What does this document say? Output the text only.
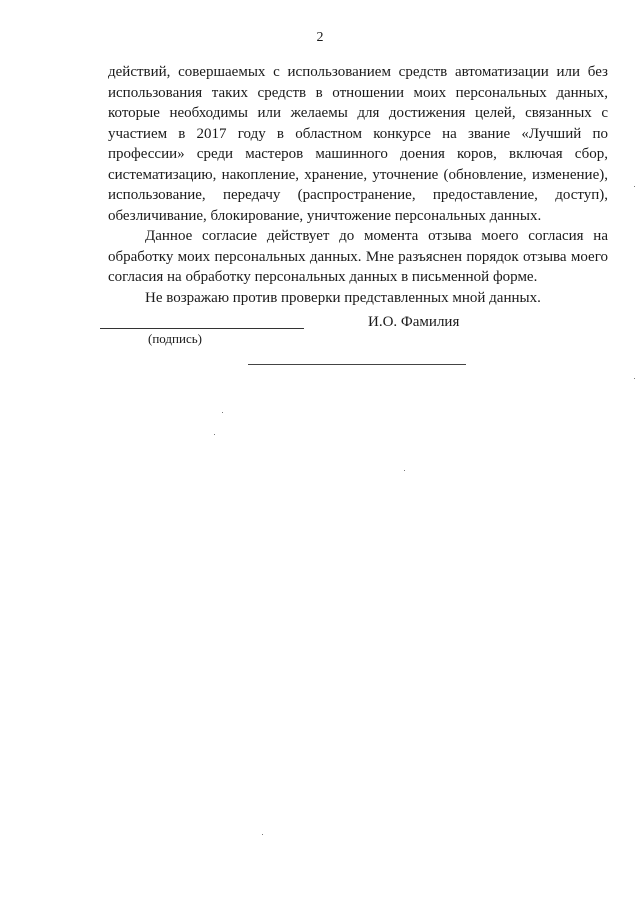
2

действий, совершаемых с использованием средств автоматизации или без использования таких средств в отношении моих персональных данных, которые необходимы или желаемы для достижения целей, связанных с участием в 2017 году в областном конкурсе на звание «Лучший по профессии» среди мастеров машинного доения коров, включая сбор, систематизацию, накопление, хранение, уточнение (обновление, изменение), использование, передачу (распространение, предоставление, доступ), обезличивание, блокирование, уничтожение персональных данных.

Данное согласие действует до момента отзыва моего согласия на обработку моих персональных данных. Мне разъяснен порядок отзыва моего согласия на обработку персональных данных в письменной форме.

Не возражаю против проверки представленных мной данных.

(подпись)
И.О. Фамилия
